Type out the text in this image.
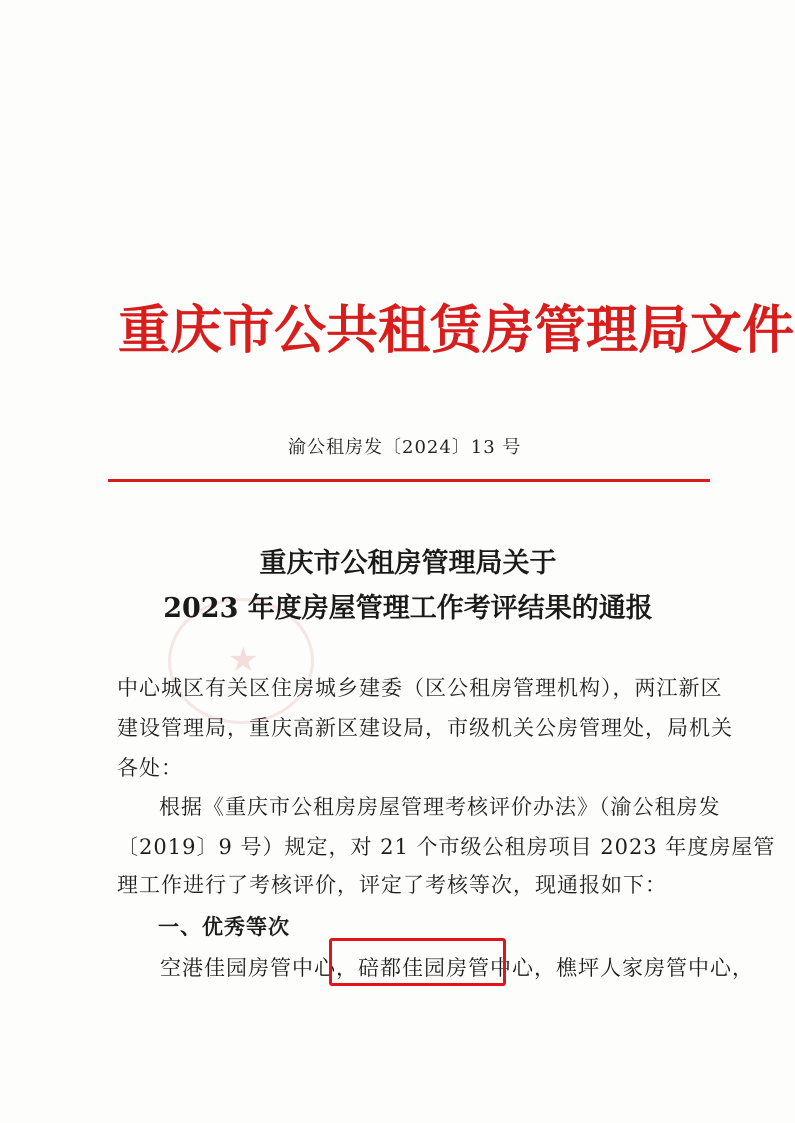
★
重庆市公共租赁房管理局文件
渝公租房发〔2024〕13 号
重庆市公租房管理局关于
2023 年度房屋管理工作考评结果的通报
中心城区有关区住房城乡建委（区公租房管理机构），两江新区
建设管理局，重庆高新区建设局，市级机关公房管理处，局机关
各处：
根据《重庆市公租房房屋管理考核评价办法》（渝公租房发
〔2019〕9 号）规定，对 21 个市级公租房项目 2023 年度房屋管
理工作进行了考核评价，评定了考核等次，现通报如下：
一、优秀等次
空港佳园房管中心，碚都佳园房管中心，樵坪人家房管中心，
